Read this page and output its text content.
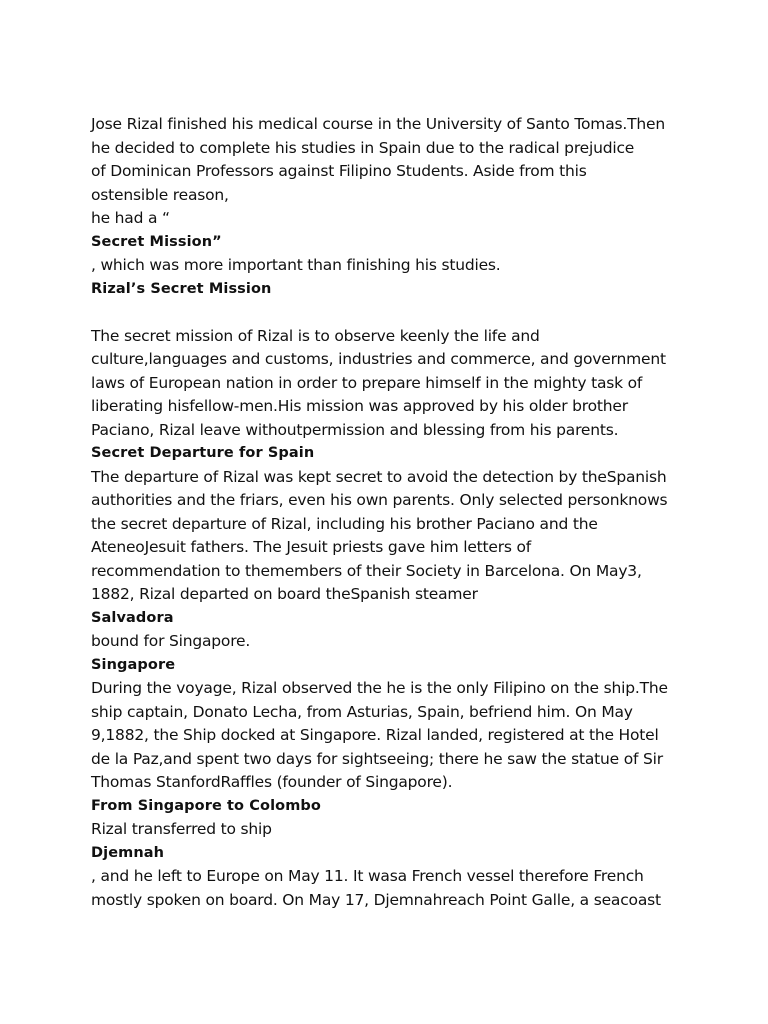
Jose Rizal finished his medical course in the University of Santo Tomas.Then
he decided to complete his studies in Spain due to the radical prejudice
of Dominican Professors against Filipino Students. Aside from this
ostensible reason,
he had a “
Secret Mission”
, which was more important than finishing his studies.
Rizal’s Secret Mission
The secret mission of Rizal is to observe keenly the life and
culture,languages and customs, industries and commerce, and government
laws of European nation in order to prepare himself in the mighty task of
liberating hisfellow-men.His mission was approved by his older brother
Paciano, Rizal leave withoutpermission and blessing from his parents.
Secret Departure for Spain
The departure of Rizal was kept secret to avoid the detection by theSpanish
authorities and the friars, even his own parents. Only selected personknows
the secret departure of Rizal, including his brother Paciano and the
AteneoJesuit fathers. The Jesuit priests gave him letters of
recommendation to themembers of their Society in Barcelona. On May3,
1882, Rizal departed on board theSpanish steamer
Salvadora
bound for Singapore.
Singapore
During the voyage, Rizal observed the he is the only Filipino on the ship.The
ship captain, Donato Lecha, from Asturias, Spain, befriend him. On May
9,1882, the Ship docked at Singapore. Rizal landed, registered at the Hotel
de la Paz,and spent two days for sightseeing; there he saw the statue of Sir
Thomas StanfordRaffles (founder of Singapore).
From Singapore to Colombo
Rizal transferred to ship
Djemnah
, and he left to Europe on May 11. It wasa French vessel therefore French
mostly spoken on board. On May 17, Djemnahreach Point Galle, a seacoast
